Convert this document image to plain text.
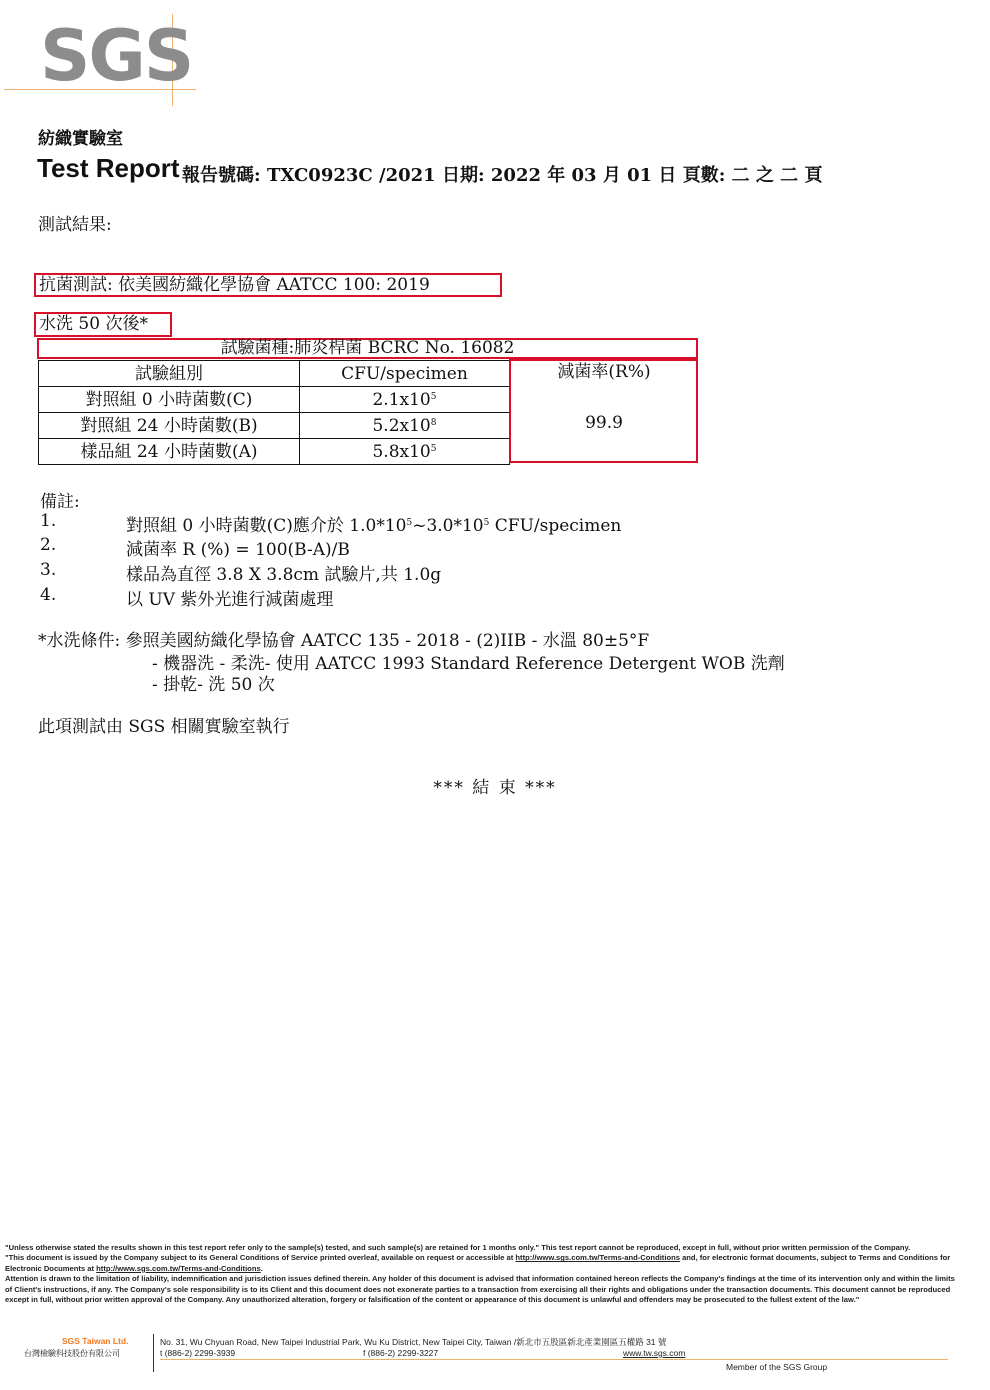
SGS
紡織實驗室
Test Report 報告號碼: TXC0923C /2021 日期: 2022 年 03 月 01 日 頁數: 二 之 二 頁
測試結果:
抗菌測試: 依美國紡織化學協會 AATCC 100: 2019
水洗 50 次後*
試驗菌種:肺炎桿菌 BCRC No. 16082
試驗組別	CFU/specimen
對照組 0 小時菌數(C)	$2.1x10^5$
對照組 24 小時菌數(B)	$5.2x10^8$
樣品組 24 小時菌數(A)	$5.8x10^5$
減菌率(R%)
99.9
備註:
1.	對照組 0 小時菌數(C)應介於 $1.0*10^5\sim 3.0*10^5$ CFU/specimen
2.	減菌率 R (%) = 100(B-A)/B
3.	樣品為直徑 3.8 X 3.8cm 試驗片,共 1.0g
4.	以 UV 紫外光進行減菌處理
*水洗條件: 參照美國紡織化學協會 AATCC 135 - 2018 - (2)IIB - 水溫 80±5°F
- 機器洗 - 柔洗- 使用 AATCC 1993 Standard Reference Detergent WOB 洗劑
- 掛乾- 洗 50 次
此項測試由 SGS 相關實驗室執行
*** 結 束 ***

"Unless otherwise stated the results shown in this test report refer only to the sample(s) tested, and such sample(s) are retained for 1 months only." This test report cannot be reproduced, except in full, without prior written permission of the Company.

"This document is issued by the Company subject to its General Conditions of Service printed overleaf, available on request or accessible at http://www.sgs.com.tw/Terms-and-Conditions and, for electronic format documents, subject to Terms and Conditions for Electronic Documents at http://www.sgs.com.tw/Terms-and-Conditions.

Attention is drawn to the limitation of liability, indemnification and jurisdiction issues defined therein. Any holder of this document is advised that information contained hereon reflects the Company's findings at the time of its intervention only and within the limits of Client's instructions, if any. The Company's sole responsibility is to its Client and this document does not exonerate parties to a transaction from exercising all their rights and obligations under the transaction documents. This document cannot be reproduced except in full, without prior written approval of the Company. Any unauthorized alteration, forgery or falsification of the content or appearance of this document is unlawful and offenders may be prosecuted to the fullest extent of the law."

SGS Taiwan Ltd.
台灣檢驗科技股份有限公司
No. 31, Wu Chyuan Road, New Taipei Industrial Park, Wu Ku District, New Taipei City, Taiwan /新北市五股區新北產業園區五權路 31 號
t (886-2) 2299-3939	f (886-2) 2299-3227	www.tw.sgs.com
Member of the SGS Group
